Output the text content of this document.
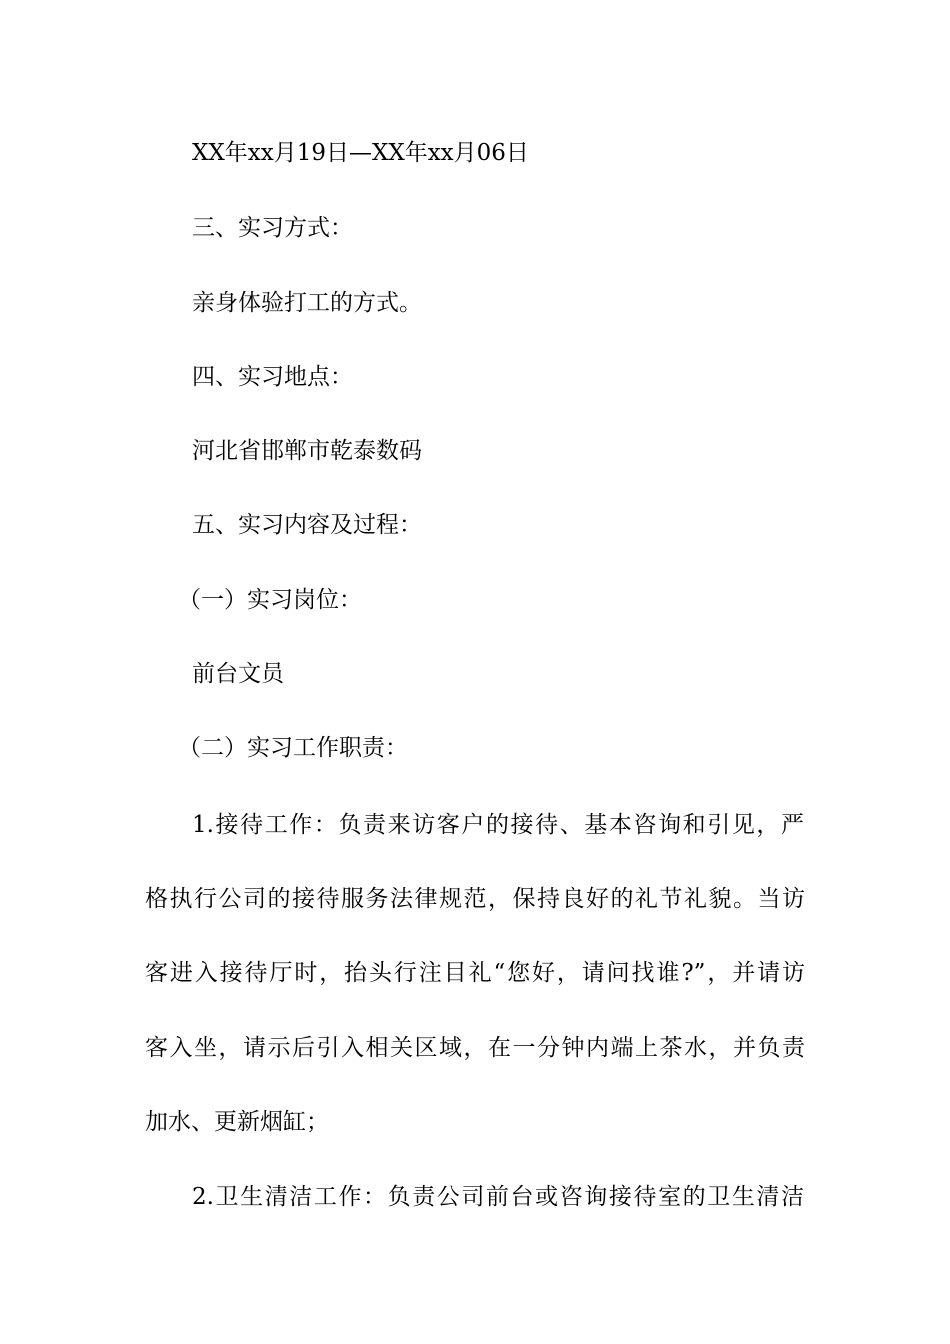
XX年xx月19日—XX年xx月06日
三、实习方式：
亲身体验打工的方式。
四、实习地点：
河北省邯郸市乾泰数码
五、实习内容及过程：
（一）实习岗位：
前台文员
（二）实习工作职责：
1.接待工作：负责来访客户的接待、基本咨询和引见，严
格执行公司的接待服务法律规范，保持良好的礼节礼貌。当访
客进入接待厅时，抬头行注目礼“您好，请问找谁?”，并请访
客入坐，请示后引入相关区域，在一分钟内端上茶水，并负责
加水、更新烟缸；
2.卫生清洁工作：负责公司前台或咨询接待室的卫生清洁
